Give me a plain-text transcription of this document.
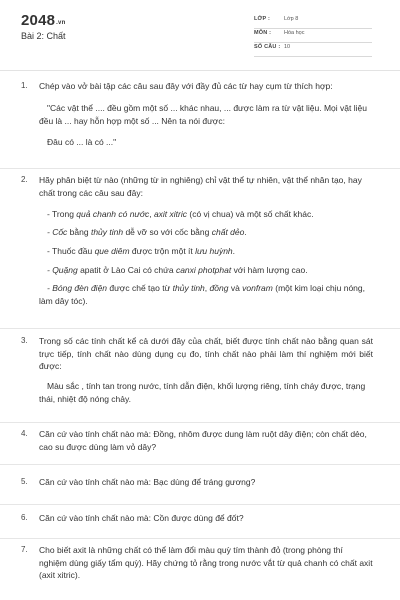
2048.vn
Bài 2: Chất
LỚP :	Lớp 8
MÔN : Hóa học
SỐ CÂU : 10
1. Chép vào vở bài tập các câu sau đây với đầy đủ các từ hay cụm từ thích hợp:
"Các vật thể .... đều gồm một số ... khác nhau, ... được làm ra từ vật liệu. Mọi vật liệu đều là ... hay hỗn hợp một số ... Nên ta nói được:
Đâu có ... là có ..."
2. Hãy phân biệt từ nào (những từ in nghiêng) chỉ vật thể tự nhiên, vật thể nhân tạo, hay chất trong các câu sau đây:
- Trong quả chanh có nước, axit xitric (có vị chua) và một số chất khác.
- Cốc bằng thủy tinh dễ vỡ so với cốc bằng chất dẻo.
- Thuốc đầu que diêm được trộn một ít lưu huỳnh.
- Quặng apatit ở Lào Cai có chứa canxi photphat với hàm lượng cao.
- Bóng đèn điện được chế tạo từ thủy tinh, đồng và vonfram (một kim loại chịu nóng, làm dây tóc).
3. Trong số các tính chất kể cả dưới đây của chất, biết được tính chất nào bằng quan sát trực tiếp, tính chất nào dùng dụng cụ đo, tính chất nào phải làm thí nghiệm mới biết được:
Màu sắc , tính tan trong nước, tính dẫn điện, khối lượng riêng, tính cháy được, trạng thái, nhiệt độ nóng chảy.
4. Căn cứ vào tính chất nào mà: Đồng, nhôm được dung làm ruột dây điện; còn chất dẻo, cao su được dùng làm vỏ dây?
5. Căn cứ vào tính chất nào mà: Bạc dùng để tráng gương?
6. Căn cứ vào tính chất nào mà: Cồn được dùng để đốt?
7. Cho biết axit là những chất có thể làm đổi màu quỳ tím thành đỏ (trong phòng thí nghiệm dùng giấy tẩm quỳ). Hãy chứng tỏ rằng trong nước vắt từ quả chanh có chất axit (axit xitric).
